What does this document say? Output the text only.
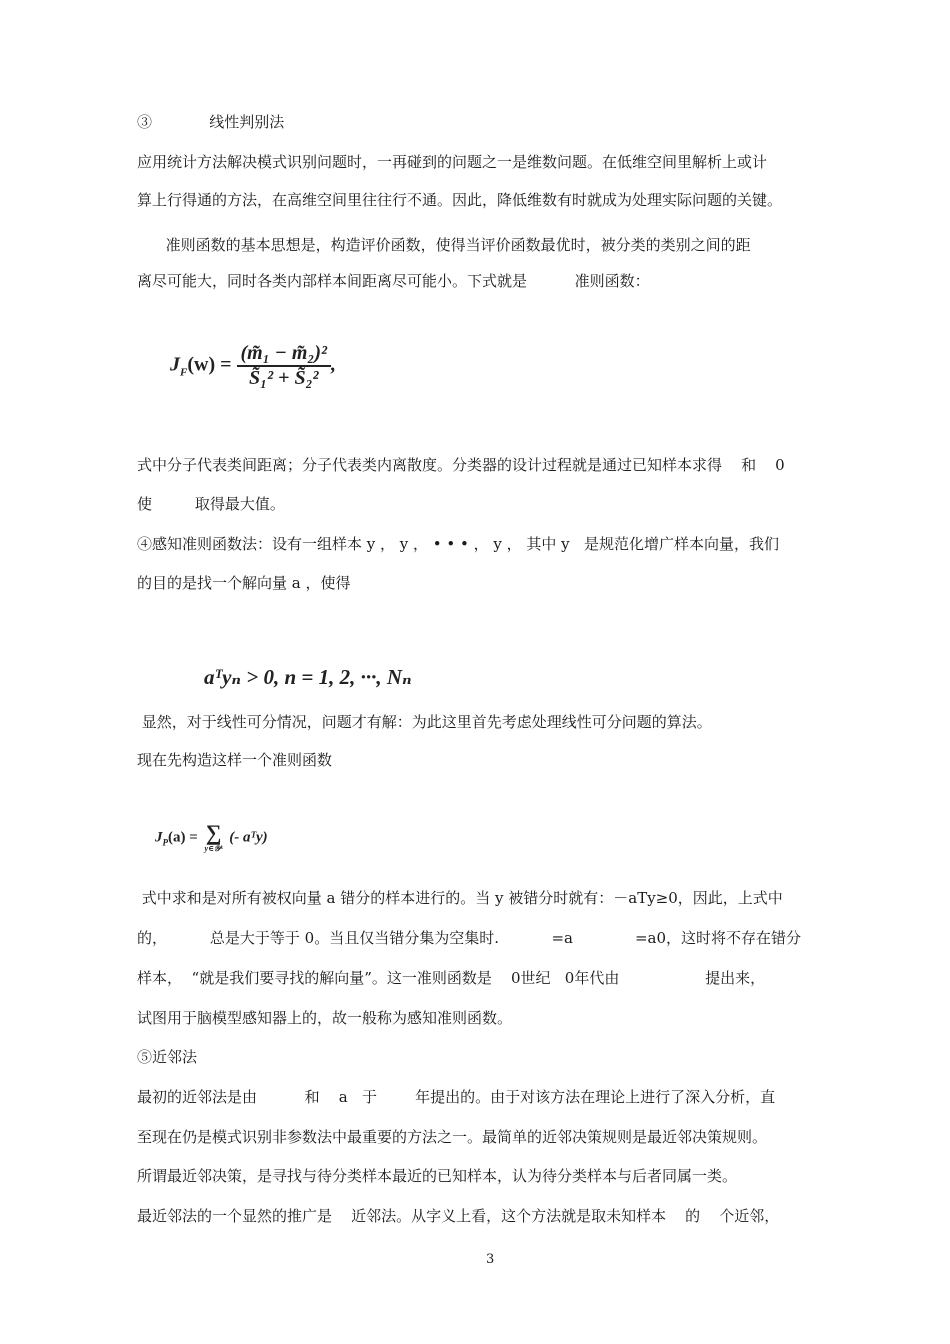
③            线性判别法
应用统计方法解决模式识别问题时，一再碰到的问题之一是维数问题。在低维空间里解析上或计
算上行得通的方法，在高维空间里往往行不通。因此，降低维数有时就成为处理实际问题的关键。
准则函数的基本思想是，构造评价函数，使得当评价函数最优时，被分类的类别之间的距
离尽可能大，同时各类内部样本间距离尽可能小。下式就是          准则函数：
$J_F(w) = \frac{\text{(m̃₁ − m̃₂)²}}{\text{S̃₁² + S̃₂²}}$ ,
式中分子代表类间距离；分子代表类内离散度。分类器的设计过程就是通过已知样本求得    和    0
使         取得最大值。
④感知准则函数法：设有一组样本 y ， y ， • • • ， y ， 其中 y   是规范化增广样本向量，我们
的目的是找一个解向量 a ，使得
aᵀyₙ > 0, n = 1, 2, ···, Nₙ
显然，对于线性可分情况，问题才有解：为此这里首先考虑处理线性可分问题的算法。
现在先构造这样一个准则函数
$J_P(a)$ = ∑
y∈𝒴ᵏ
(- aᵀy)
式中求和是对所有被权向量 a 错分的样本进行的。当 y 被错分时就有：－aTy≥0，因此，上式中
的，         总是大于等于 0。当且仅当错分集为空集时.           =a             =a0，这时将不存在错分
样本，  “就是我们要寻找的解向量”。这一准则函数是    0世纪   0年代由                  提出来，
试图用于脑模型感知器上的，故一般称为感知准则函数。
⑤近邻法
最初的近邻法是由          和    a   于        年提出的。由于对该方法在理论上进行了深入分析，直
至现在仍是模式识别非参数法中最重要的方法之一。最简单的近邻决策规则是最近邻决策规则。
所谓最近邻决策，是寻找与待分类样本最近的已知样本，认为待分类样本与后者同属一类。
最近邻法的一个显然的推广是    近邻法。从字义上看，这个方法就是取未知样本    的    个近邻，
3
